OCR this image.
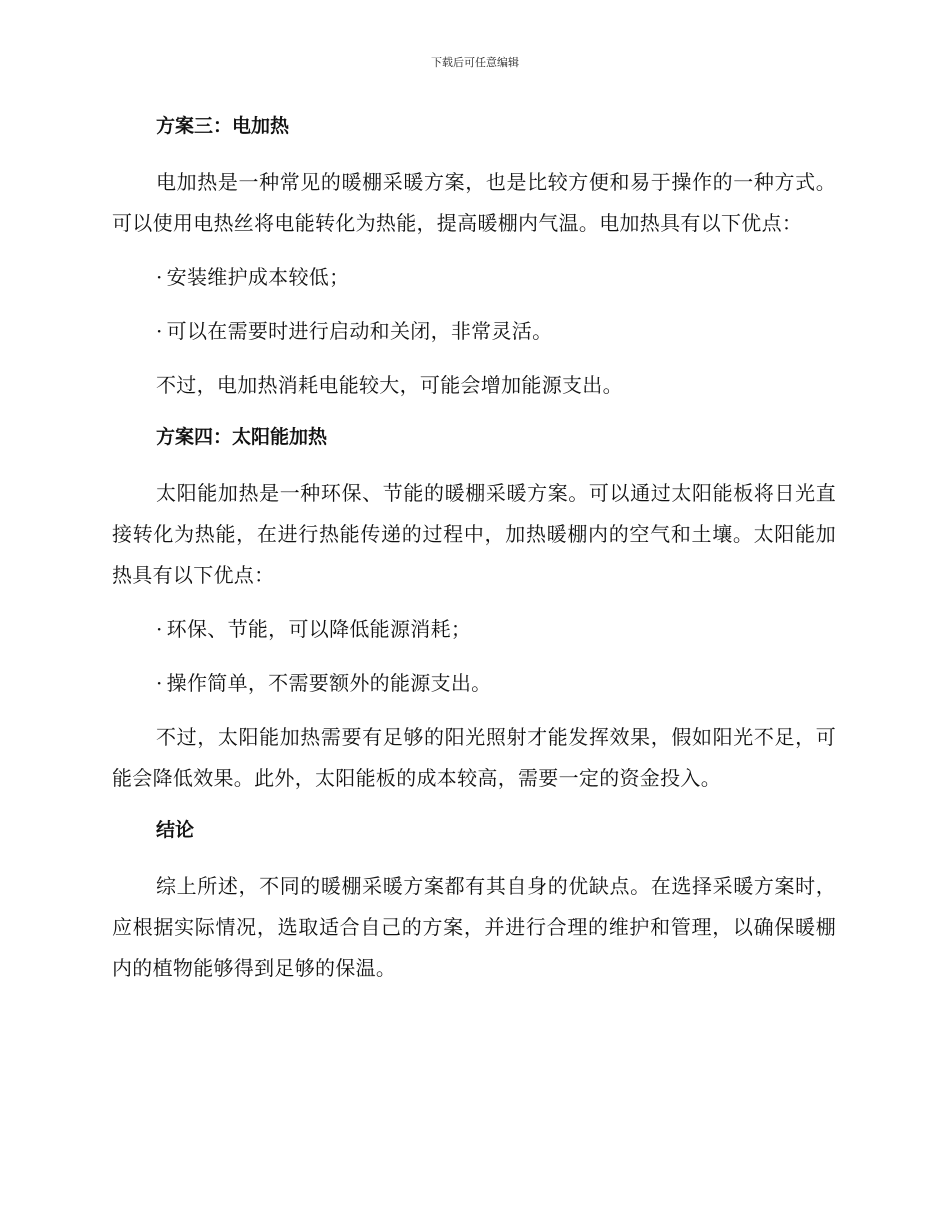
下载后可任意编辑
方案三：电加热

电加热是一种常见的暖棚采暖方案，也是比较方便和易于操作的一种方式。可以使用电热丝将电能转化为热能，提高暖棚内气温。电加热具有以下优点：

· 安装维护成本较低；
· 可以在需要时进行启动和关闭，非常灵活。

不过，电加热消耗电能较大，可能会增加能源支出。

方案四：太阳能加热

太阳能加热是一种环保、节能的暖棚采暖方案。可以通过太阳能板将日光直接转化为热能，在进行热能传递的过程中，加热暖棚内的空气和土壤。太阳能加热具有以下优点：

· 环保、节能，可以降低能源消耗；
· 操作简单，不需要额外的能源支出。

不过，太阳能加热需要有足够的阳光照射才能发挥效果，假如阳光不足，可能会降低效果。此外，太阳能板的成本较高，需要一定的资金投入。

结论

综上所述，不同的暖棚采暖方案都有其自身的优缺点。在选择采暖方案时，应根据实际情况，选取适合自己的方案，并进行合理的维护和管理，以确保暖棚内的植物能够得到足够的保温。
